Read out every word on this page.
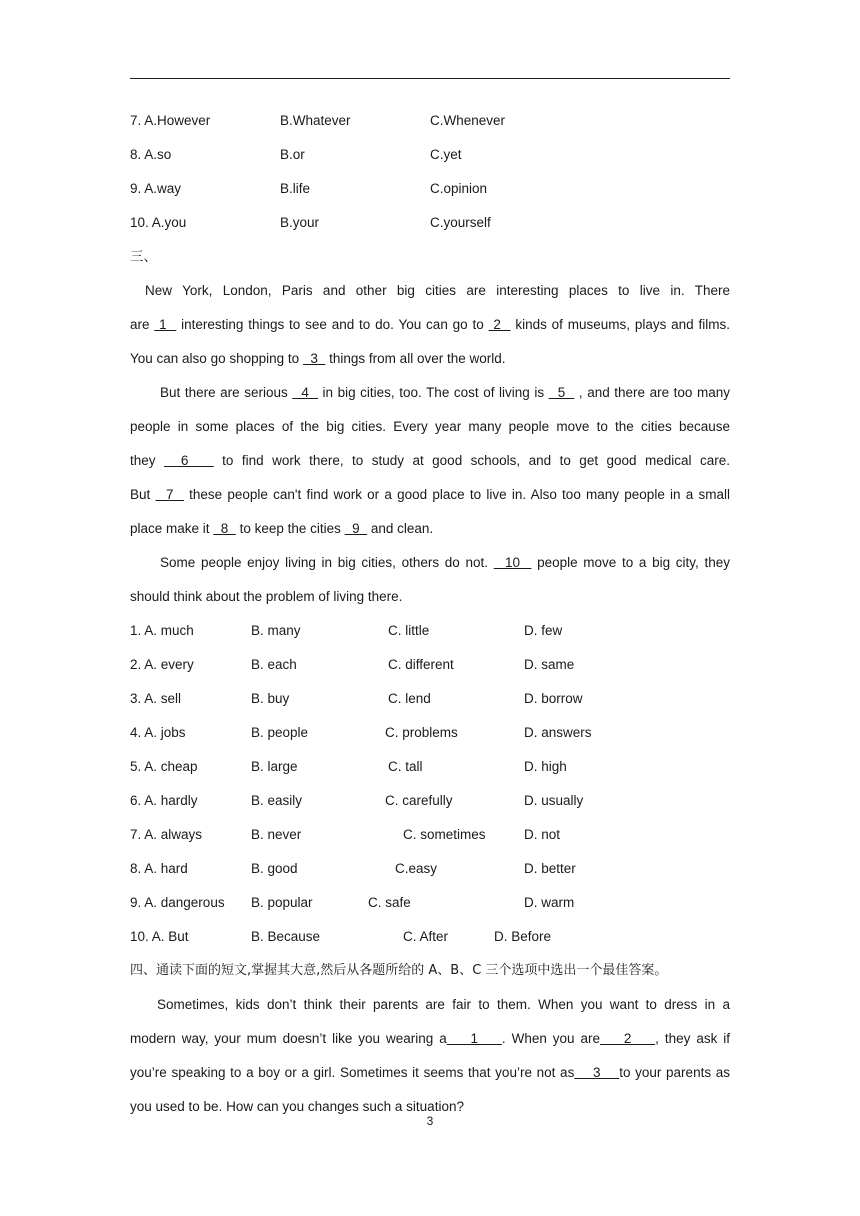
7. A.However	B.Whatever	C.Whenever
8. A.so	B.or	C.yet
9. A.way	B.life	C.opinion
10. A.you	B.your	C.yourself
三、
New York, London, Paris and other big cities are interesting places to live in. There
are  1   interesting things to see and to do. You can go to  2   kinds of museums, plays and films.
You can also go shopping to   3   things from all over the world.
But there are serious   4   in big cities, too. The cost of living is   5   , and there are too many
people in some places of the big cities. Every year many people move to the cities because
they   6    to find work there, to study at good schools, and to get good medical care.
But   7   these people can't find work or a good place to live in. Also too many people in a small
place make it   8   to keep the cities   9   and clean.
Some people enjoy living in big cities, others do not.   10   people move to a big city, they
should think about the problem of living there.
1. A. much	B. many	C. little	D. few
2. A. every	B. each	C. different	D. same
3. A. sell	B. buy	C. lend	D. borrow
4. A. jobs	B. people	C. problems	D. answers
5. A. cheap	B. large	C. tall	D. high
6. A. hardly	B. easily	C. carefully	D. usually
7. A. always	B. never	C. sometimes	D. not
8. A. hard	B. good	C.easy	D. better
9. A. dangerous B. popular	C. safe	D. warm
10. A. But	B. Because	C. After	D. Before
四、通读下面的短文,掌握其大意,然后从各题所给的 A、B、C 三个选项中选出一个最佳答案。
Sometimes, kids don’t think their parents are fair to them. When you want to dress in a
modern way, your mum doesn’t like you wearing a    1    . When you are    2    , they ask if
you’re speaking to a boy or a girl. Sometimes it seems that you’re not as    3    to your parents as
you used to be. How can you changes such a situation?
3
